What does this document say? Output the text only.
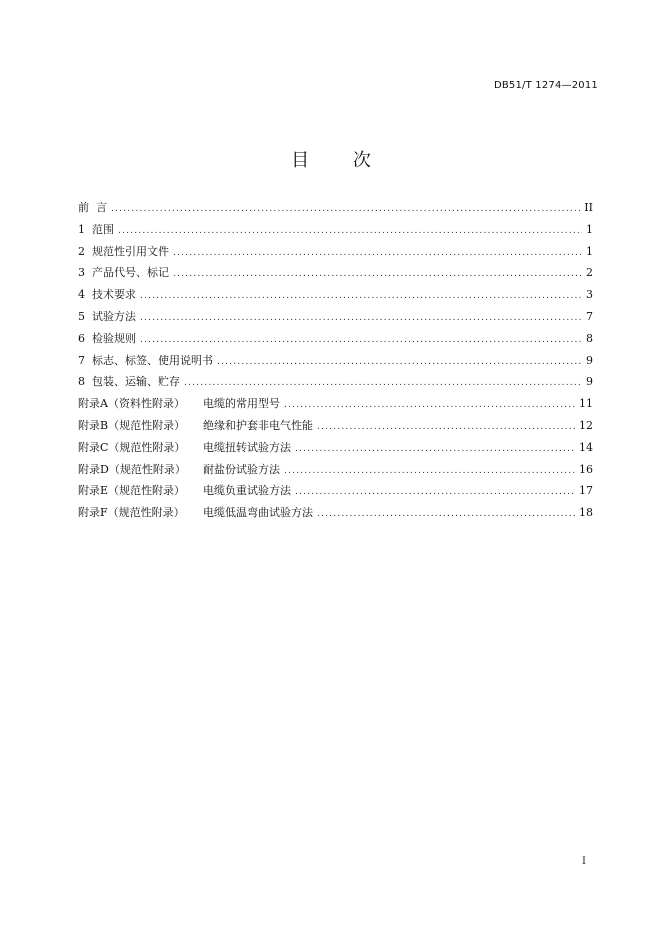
DB51/T 1274—2011
目 次
前  言 .....	II
1  范围 .....	1
2  规范性引用文件 .....	1
3  产品代号、标记 .....	2
4  技术要求 .....	3
5  试验方法 .....	7
6  检验规则 .....	8
7  标志、标签、使用说明书 .....	9
8  包装、运输、贮存 .....	9
附录A（资料性附录） 电缆的常用型号 .....	11
附录B（规范性附录） 绝缘和护套非电气性能 .....	12
附录C（规范性附录） 电缆扭转试验方法 .....	14
附录D（规范性附录） 耐盐份试验方法 .....	16
附录E（规范性附录） 电缆负重试验方法 .....	17
附录F（规范性附录） 电缆低温弯曲试验方法 .....	18
I
